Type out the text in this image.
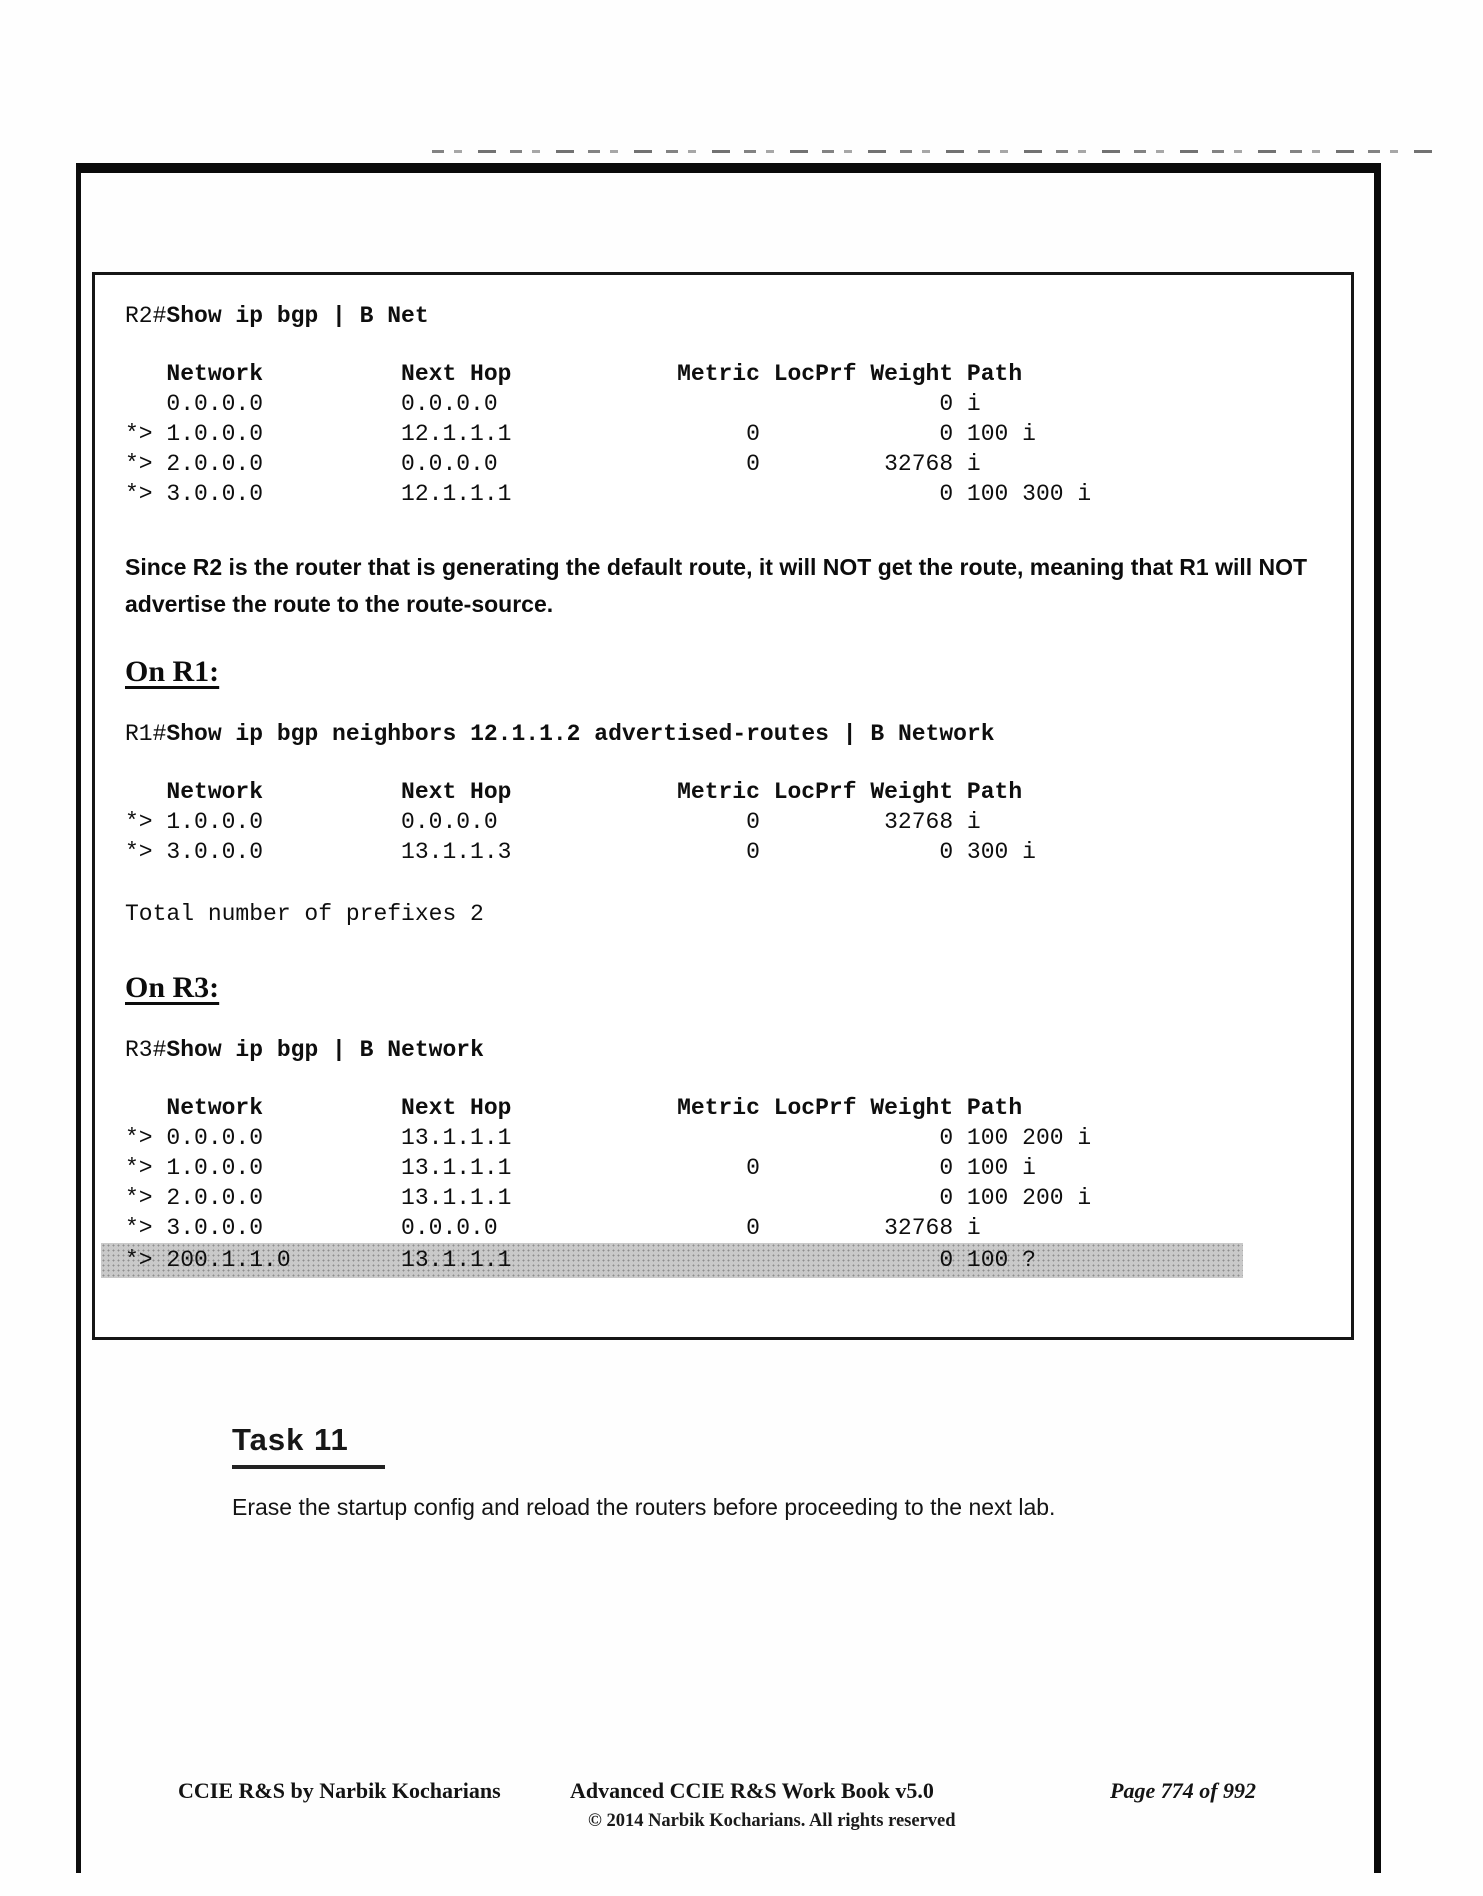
R2#Show ip bgp | B Net
Network          Next Hop            Metric LocPrf Weight Path
0.0.0.0          0.0.0.0                                0 i
*> 1.0.0.0          12.1.1.1                 0             0 100 i
*> 2.0.0.0          0.0.0.0                  0         32768 i
*> 3.0.0.0          12.1.1.1                               0 100 300 i

Since R2 is the router that is generating the default route, it will NOT get the route, meaning that R1 will NOT advertise the route to the route-source.

On R1:
R1#Show ip bgp neighbors 12.1.1.2 advertised-routes | B Network
Network          Next Hop            Metric LocPrf Weight Path
*> 1.0.0.0          0.0.0.0                  0         32768 i
*> 3.0.0.0          13.1.1.3                 0             0 300 i
Total number of prefixes 2
On R3:
R3#Show ip bgp | B Network
Network          Next Hop            Metric LocPrf Weight Path
*> 0.0.0.0          13.1.1.1                               0 100 200 i
*> 1.0.0.0          13.1.1.1                 0             0 100 i
*> 2.0.0.0          13.1.1.1                               0 100 200 i
*> 3.0.0.0          0.0.0.0                  0         32768 i
*> 200.1.1.0        13.1.1.1                               0 100 ?
Task 11
Erase the startup config and reload the routers before proceeding to the next lab.
CCIE R&S by Narbik Kocharians	Advanced CCIE R&S Work Book v5.0
© 2014 Narbik Kocharians. All rights reserved
Page 774 of 992
